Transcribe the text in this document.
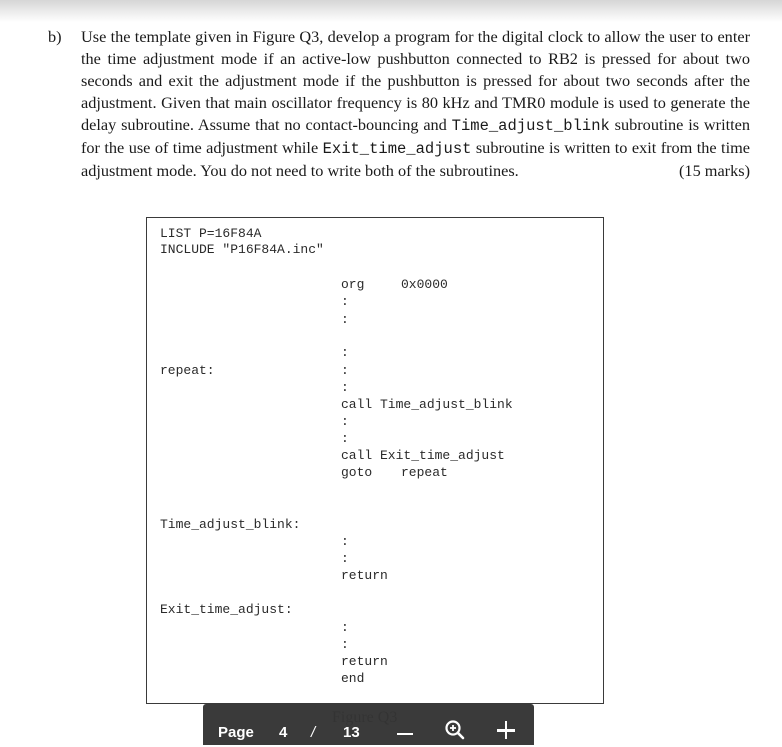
b) Use the template given in Figure Q3, develop a program for the digital clock to allow the user to enter the time adjustment mode if an active-low pushbutton connected to RB2 is pressed for about two seconds and exit the adjustment mode if the pushbutton is pressed for about two seconds after the adjustment. Given that main oscillator frequency is 80 kHz and TMR0 module is used to generate the delay subroutine. Assume that no contact-bouncing and Time_adjust_blink subroutine is written for the use of time adjustment while Exit_time_adjust subroutine is written to exit from the time adjustment mode. You do not need to write both of the subroutines.	(15 marks)
LIST P=16F84A
INCLUDE "P16F84A.inc"
org	0x0000
:
:
:
repeat:	:
:
call Time_adjust_blink
:
:
call Exit_time_adjust
goto repeat
Time_adjust_blink:
:
:
return
Exit_time_adjust:
:
:
return
end
Page 4 / 13
